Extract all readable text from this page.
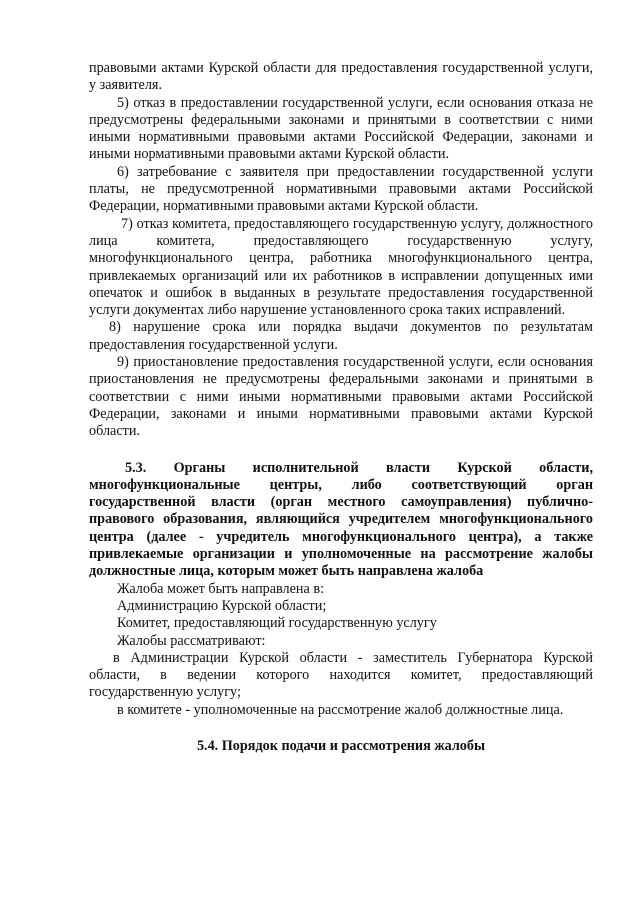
правовыми актами Курской области для предоставления государственной услуги, у заявителя.

5) отказ в предоставлении государственной услуги, если основания отказа не предусмотрены федеральными законами и принятыми в соответствии с ними иными нормативными правовыми актами Российской Федерации, законами и иными нормативными правовыми актами Курской области.

6) затребование с заявителя при предоставлении государственной услуги платы, не предусмотренной нормативными правовыми актами Российской Федерации, нормативными правовыми актами Курской области.

7) отказ комитета, предоставляющего государственную услугу, должностного лица комитета, предоставляющего государственную услугу, многофункционального центра, работника многофункционального центра, привлекаемых организаций или их работников в исправлении допущенных ими опечаток и ошибок в выданных в результате предоставления государственной услуги документах либо нарушение установленного срока таких исправлений.

8) нарушение срока или порядка выдачи документов по результатам предоставления государственной услуги.

9) приостановление предоставления государственной услуги, если основания приостановления не предусмотрены федеральными законами и принятыми в соответствии с ними иными нормативными правовыми актами Российской Федерации, законами и иными нормативными правовыми актами Курской области.

5.3. Органы исполнительной власти Курской области, многофункциональные центры, либо соответствующий орган государственной власти (орган местного самоуправления) публично-правового образования, являющийся учредителем многофункционального центра (далее - учредитель многофункционального центра), а также привлекаемые организации и уполномоченные на рассмотрение жалобы должностные лица, которым может быть направлена жалоба

Жалоба может быть направлена в:

Администрацию Курской области;

Комитет, предоставляющий государственную услугу

Жалобы рассматривают:

в Администрации Курской области - заместитель Губернатора Курской области, в ведении которого находится комитет, предоставляющий государственную услугу;

в комитете - уполномоченные на рассмотрение жалоб должностные лица.

5.4. Порядок подачи и рассмотрения жалобы
